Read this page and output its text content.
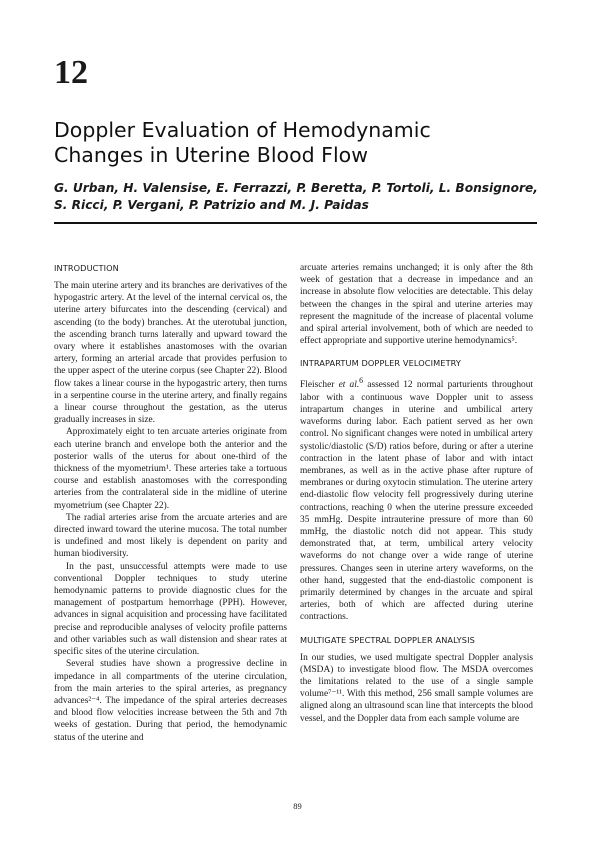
12
Doppler Evaluation of Hemodynamic
Changes in Uterine Blood Flow
G. Urban, H. Valensise, E. Ferrazzi, P. Beretta, P. Tortoli, L. Bonsignore,
S. Ricci, P. Vergani, P. Patrizio and M. J. Paidas
INTRODUCTION

The main uterine artery and its branches are derivatives of the hypogastric artery. At the level of the internal cervical os, the uterine artery bifurcates into the descending (cervical) and ascending (to the body) branches. At the uterotubal junction, the ascending branch turns laterally and upward toward the ovary where it establishes anastomoses with the ovarian artery, forming an arterial arcade that provides perfusion to the upper aspect of the uterine corpus (see Chapter 22). Blood flow takes a linear course in the hypogastric artery, then turns in a serpentine course in the uterine artery, and finally regains a linear course throughout the gestation, as the uterus gradually increases in size.

Approximately eight to ten arcuate arteries originate from each uterine branch and envelope both the anterior and the posterior walls of the uterus for about one-third of the thickness of the myometrium¹. These arteries take a tortuous course and establish anastomoses with the corresponding arteries from the contralateral side in the midline of uterine myometrium (see Chapter 22).

The radial arteries arise from the arcuate arteries and are directed inward toward the uterine mucosa. The total number is undefined and most likely is dependent on parity and human biodiversity.

In the past, unsuccessful attempts were made to use conventional Doppler techniques to study uterine hemodynamic patterns to provide diagnostic clues for the management of postpartum hemorrhage (PPH). However, advances in signal acquisition and processing have facilitated precise and reproducible analyses of velocity profile patterns and other variables such as wall distension and shear rates at specific sites of the uterine circulation.

Several studies have shown a progressive decline in impedance in all compartments of the uterine circulation, from the main arteries to the spiral arteries, as pregnancy advances²⁻⁴. The impedance of the spiral arteries decreases and blood flow velocities increase between the 5th and 7th weeks of gestation. During that period, the hemodynamic status of the uterine and

arcuate arteries remains unchanged; it is only after the 8th week of gestation that a decrease in impedance and an increase in absolute flow velocities are detectable. This delay between the changes in the spiral and uterine arteries may represent the magnitude of the increase of placental volume and spiral arterial involvement, both of which are needed to effect appropriate and supportive uterine hemodynamics⁵.

INTRAPARTUM DOPPLER VELOCIMETRY

Fleischer et al.$^6$ assessed 12 normal parturients throughout labor with a continuous wave Doppler unit to assess intrapartum changes in uterine and umbilical artery waveforms during labor. Each patient served as her own control. No significant changes were noted in umbilical artery systolic/diastolic (S/D) ratios before, during or after a uterine contraction in the latent phase of labor and with intact membranes, as well as in the active phase after rupture of membranes or during oxytocin stimulation. The uterine artery end-diastolic flow velocity fell progressively during uterine contractions, reaching 0 when the uterine pressure exceeded 35 mmHg. Despite intrauterine pressure of more than 60 mmHg, the diastolic notch did not appear. This study demonstrated that, at term, umbilical artery velocity waveforms do not change over a wide range of uterine pressures. Changes seen in uterine artery waveforms, on the other hand, suggested that the end-diastolic component is primarily determined by changes in the arcuate and spiral arteries, both of which are affected during uterine contractions.

MULTIGATE SPECTRAL DOPPLER ANALYSIS

In our studies, we used multigate spectral Doppler analysis (MSDA) to investigate blood flow. The MSDA overcomes the limitations related to the use of a single sample volume⁷⁻¹¹. With this method, 256 small sample volumes are aligned along an ultrasound scan line that intercepts the blood vessel, and the Doppler data from each sample volume are

89
